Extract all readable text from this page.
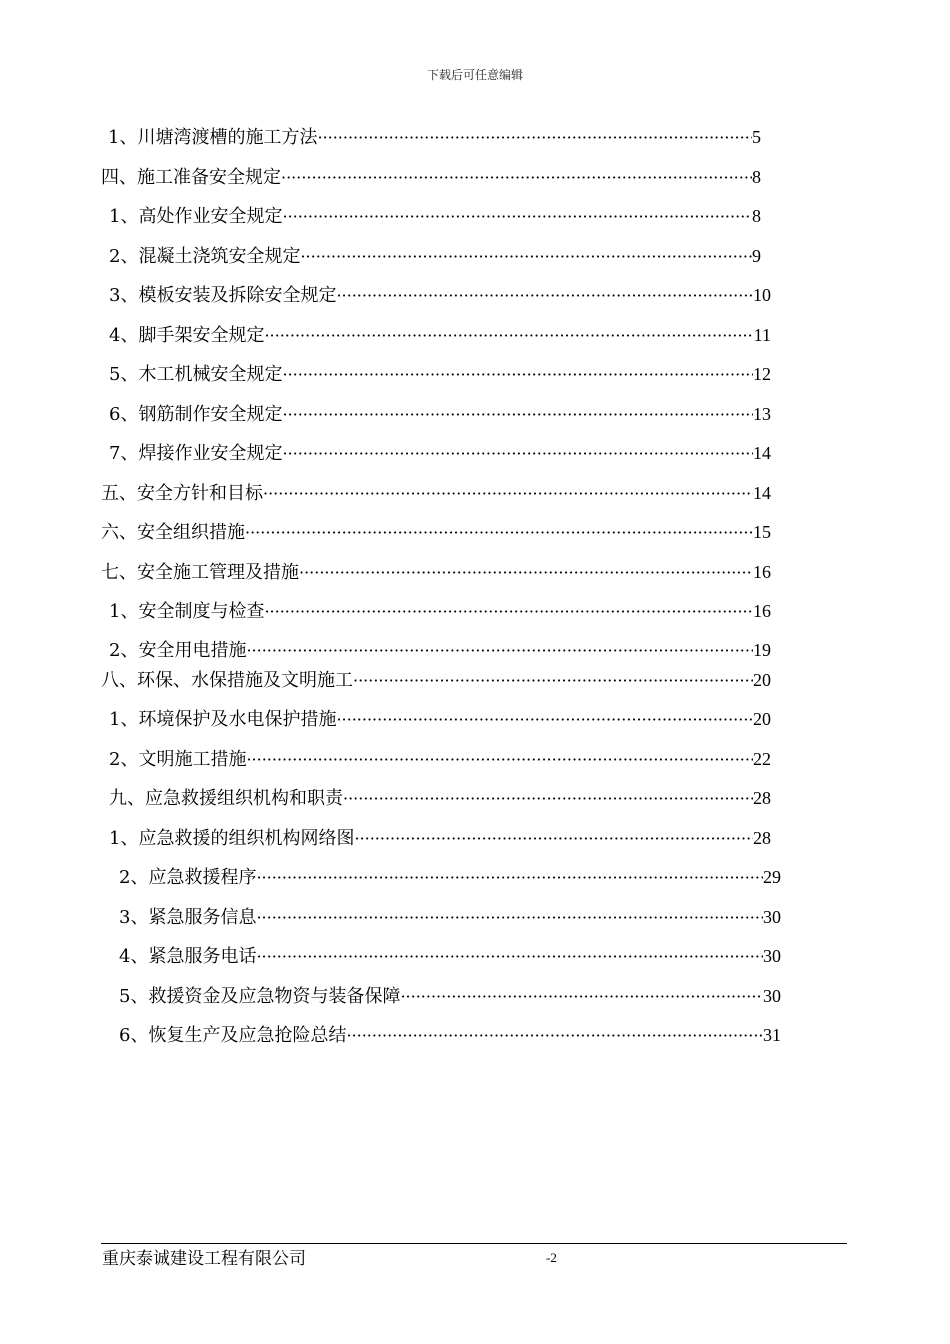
下载后可任意编辑
1、川塘湾渡槽的施工方法 ·····	5
四、施工准备安全规定 ·····	8
1、高处作业安全规定 ·····	8
2、混凝土浇筑安全规定 ·····	9
3、模板安装及拆除安全规定 ·····	10
4、脚手架安全规定 ·····	11
5、木工机械安全规定 ·····	12
6、钢筋制作安全规定 ·····	13
7、焊接作业安全规定 ·····	14
五、安全方针和目标 ·····	14
六、安全组织措施 ·····	15
七、安全施工管理及措施 ·····	16
1、安全制度与检查 ·····	16
2、安全用电措施 ·····	19
八、环保、水保措施及文明施工 ·····	20
1、环境保护及水电保护措施 ·····	20
2、文明施工措施 ·····	22
九、应急救援组织机构和职责 ·····	28
1、应急救援的组织机构网络图 ·····	28
2、应急救援程序 ·····	29
3、紧急服务信息 ·····	30
4、紧急服务电话 ·····	30
5、救援资金及应急物资与装备保障 ·····	30
6、恢复生产及应急抢险总结 ·····	31
重庆泰诚建设工程有限公司	-2
